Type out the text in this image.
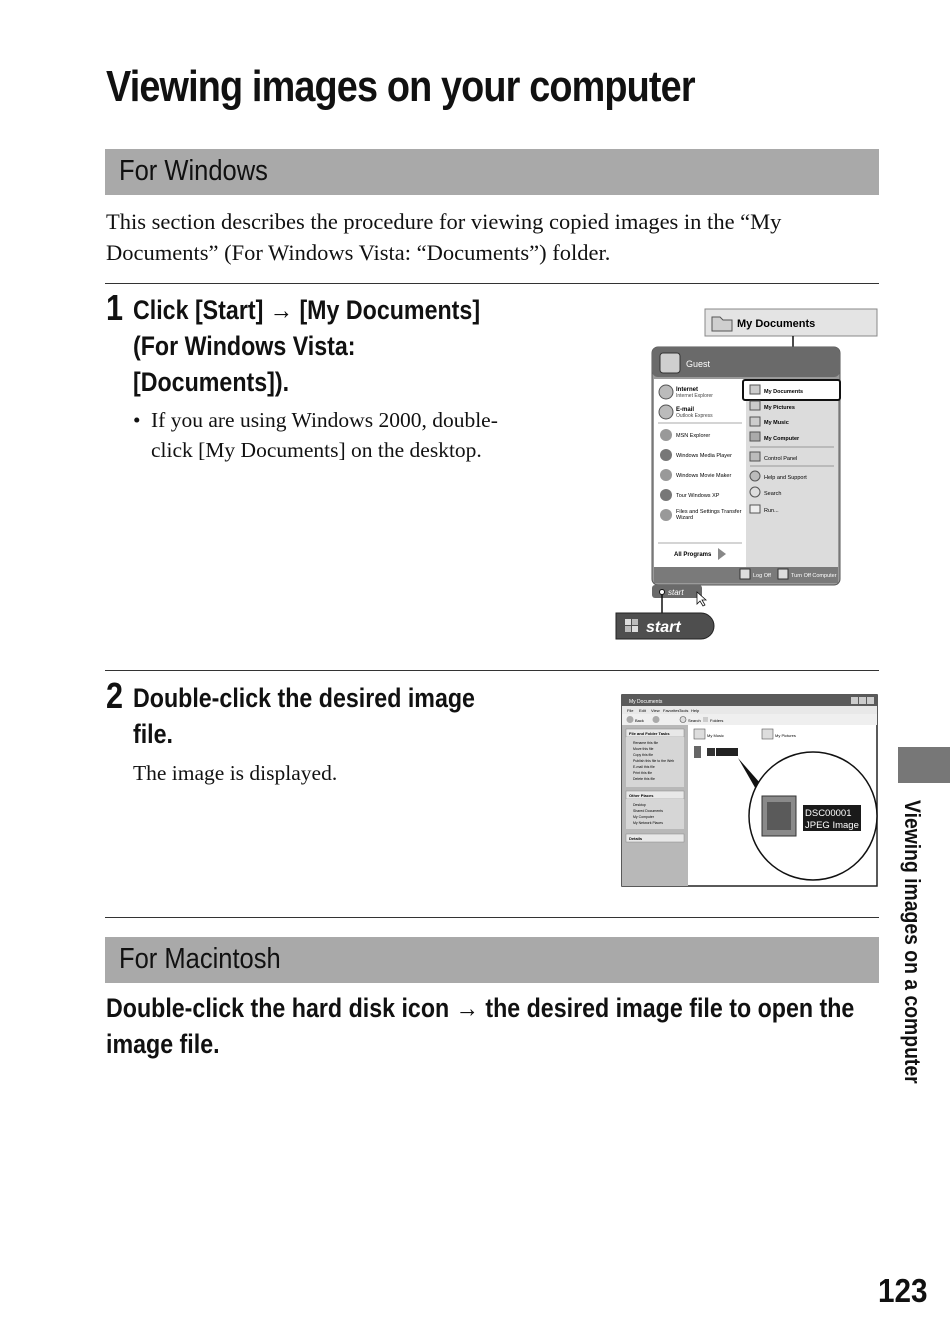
Viewing images on your computer
For Windows

This section describes the procedure for viewing copied images in the “My Documents” (For Windows Vista: “Documents”) folder.

1 Click [Start] → [My Documents]
(For Windows Vista:
[Documents]).

• If you are using Windows 2000, double-click [My Documents] on the desktop.
My Documents
Guest
Internet
Internet Explorer
E-mail
Outlook Express
MSN Explorer
Windows Media Player
Windows Movie Maker
Tour Windows XP
Files and Settings Transfer
Wizard
All Programs
My Documents
My Pictures
My Music
My Computer
Control Panel
Help and Support
Search
Run...
Log Off	Turn Off Computer
start
start
2 Double-click the desired image
file.

The image is displayed.

My Documents
File Edit View Favorites Tools Help
Back	Search Folders
File and Folder Tasks
Rename this file
Move this file
Copy this file
Publish this file to the Web
E-mail this file
Print this file
Delete this file
Other Places
Desktop
Shared Documents
My Computer
My Network Places
Details
My Music	My Pictures
DSC00001
JPEG Image
For Macintosh

Double-click the hard disk icon → the desired image file to open the image file.	Viewing images on a computer
123
